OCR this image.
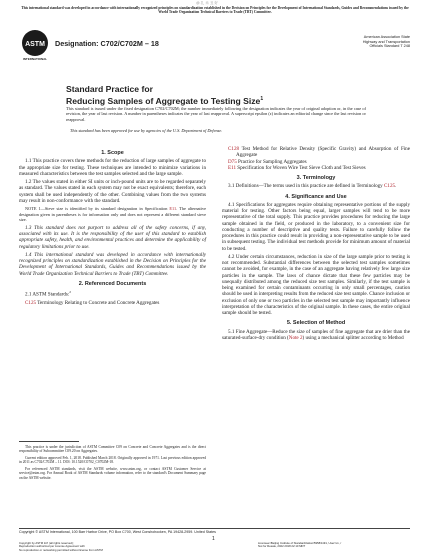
@ 扎 米 丑 好
This international standard was developed in accordance with internationally recognized principles on standardization established in the Decision on Principles for the Development of International Standards, Guides and Recommendations issued by the World Trade Organization Technical Barriers to Trade (TBT) Committee.
ASTM
INTERNATIONAL
Designation: C702/C702M – 18
American Association State
Highway and Transportation
Officials Standard T 248
Standard Practice for
Reducing Samples of Aggregate to Testing Size$^1$
This standard is issued under the fixed designation C702/C702M; the number immediately following the designation indicates the year of original adoption or, in the case of revision, the year of last revision. A number in parentheses indicates the year of last reapproval. A superscript epsilon (ε) indicates an editorial change since the last revision or reapproval.
This standard has been approved for use by agencies of the U.S. Department of Defense.
1. Scope

1.1 This practice covers three methods for the reduction of large samples of aggregate to the appropriate size for testing. These techniques are intended to minimize variations in measured characteristics between the test samples selected and the large sample.

1.2 The values stated in either SI units or inch-pound units are to be regarded separately as standard. The values stated in each system may not be exact equivalents; therefore, each system shall be used independently of the other. Combining values from the two systems may result in non-conformance with the standard.

NOTE 1—Sieve size is identified by its standard designation in Specification E11. The alternative designation given in parentheses is for information only and does not represent a different standard sieve size.

1.3 This standard does not purport to address all of the safety concerns, if any, associated with its use. It is the responsibility of the user of this standard to establish appropriate safety, health, and environmental practices and determine the applicability of regulatory limitations prior to use.

1.4 This international standard was developed in accordance with internationally recognized principles on standardization established in the Decision on Principles for the Development of International Standards, Guides and Recommendations issued by the World Trade Organization Technical Barriers to Trade (TBT) Committee.

2. Referenced Documents

2.1 ASTM Standards:$^2$

C125 Terminology Relating to Concrete and Concrete Aggregates

This practice is under the jurisdiction of ASTM Committee C09 on Concrete and Concrete Aggregates and is the direct responsibility of Subcommittee C09.20 on Aggregates.

Current edition approved Feb. 1, 2018. Published March 2018. Originally approved in 1971. Last previous edition approved in 2011 as C702/C702M – 11. DOI: 10.1520/C0702_C0702M-18.

For referenced ASTM standards, visit the ASTM website, www.astm.org, or contact ASTM Customer Service at service@astm.org. For Annual Book of ASTM Standards volume information, refer to the standard's Document Summary page on the ASTM website.

C128 Test Method for Relative Density (Specific Gravity) and Absorption of Fine Aggregate

D75 Practice for Sampling Aggregates

E11 Specification for Woven Wire Test Sieve Cloth and Test Sieves

3. Terminology

3.1 Definitions—The terms used in this practice are defined in Terminology C125.

4. Significance and Use

4.1 Specifications for aggregates require obtaining representative portions of the supply material for testing. Other factors being equal, larger samples will tend to be more representative of the total supply. This practice provides procedures for reducing the large sample obtained in the field, or produced in the laboratory, to a convenient size for conducting a number of descriptive and quality tests. Failure to carefully follow the procedures in this practice could result in providing a non-representative sample to be used in subsequent testing. The individual test methods provide for minimum amount of material to be tested.

4.2 Under certain circumstances, reduction in size of the large sample prior to testing is not recommended. Substantial differences between the selected test samples sometimes cannot be avoided, for example, in the case of an aggregate having relatively few large size particles in the sample. The laws of chance dictate that these few particles may be unequally distributed among the reduced size test samples. Similarly, if the test sample is being examined for certain contaminants occurring in only small percentages, caution should be used in interpreting results from the reduced size test sample. Chance inclusion or exclusion of only one or two particles in the selected test sample may importantly influence interpretation of the characteristics of the original sample. In these cases, the entire original sample should be tested.

5. Selection of Method

5.1 Fine Aggregate—Reduce the size of samples of fine aggregate that are drier than the saturated-surface-dry condition (Note 2) using a mechanical splitter according to Method

Copyright © ASTM International, 100 Barr Harbor Drive, PO Box C700, West Conshohocken, PA 19428-2959. United States
1
Copyright by ASTM Int'l (all rights reserved);
Reproduction authorized per License Agreement with
No reproduction or networking permitted without license from ASTM
Licensee=Beijing Institute of Standardization/5958/1191, User=xx, r
Not for Resale, 2022 2018 22:10 MDT
